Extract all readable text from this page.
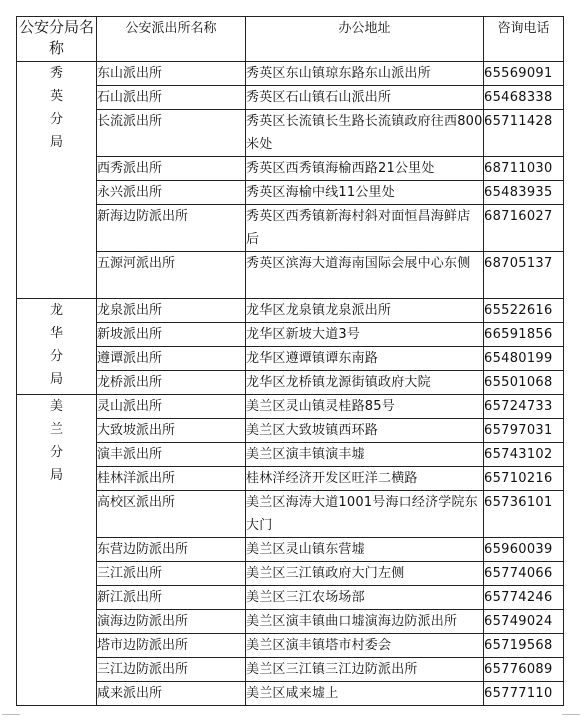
公安分局名称	公安派出所名称	办公地址	咨询电话

秀英分局	东山派出所	秀英区东山镇琼东路东山派出所	65569091
	石山派出所	秀英区石山镇石山派出所	65468338
	长流派出所	秀英区长流镇长生路长流镇政府往西800米处	65711428
	西秀派出所	秀英区西秀镇海榆西路21公里处	68711030
	永兴派出所	秀英区海榆中线11公里处	65483935
	新海边防派出所	秀英区西秀镇新海村斜对面恒昌海鲜店后	68716027
	五源河派出所	秀英区滨海大道海南国际会展中心东侧	68705137

龙华分局	龙泉派出所	龙华区龙泉镇龙泉派出所	65522616
	新坡派出所	龙华区新坡大道3号	66591856
	遵谭派出所	龙华区遵谭镇谭东南路	65480199
	龙桥派出所	龙华区龙桥镇龙源街镇政府大院	65501068

美兰分局	灵山派出所	美兰区灵山镇灵桂路85号	65724733
	大致坡派出所	美兰区大致坡镇西环路	65797031
	演丰派出所	美兰区演丰镇演丰墟	65743102
	桂林洋派出所	桂林洋经济开发区旺洋二横路	65710216
	高校区派出所	美兰区海涛大道1001号海口经济学院东大门	65736101
	东营边防派出所	美兰区灵山镇东营墟	65960039
	三江派出所	美兰区三江镇政府大门左侧	65774066
	新江派出所	美兰区三江农场场部	65774246
	演海边防派出所	美兰区演丰镇曲口墟演海边防派出所	65749024
	塔市边防派出所	美兰区演丰镇塔市村委会	65719568
	三江边防派出所	美兰区三江镇三江边防派出所	65776089
	咸来派出所	美兰区咸来墟上	65777110
